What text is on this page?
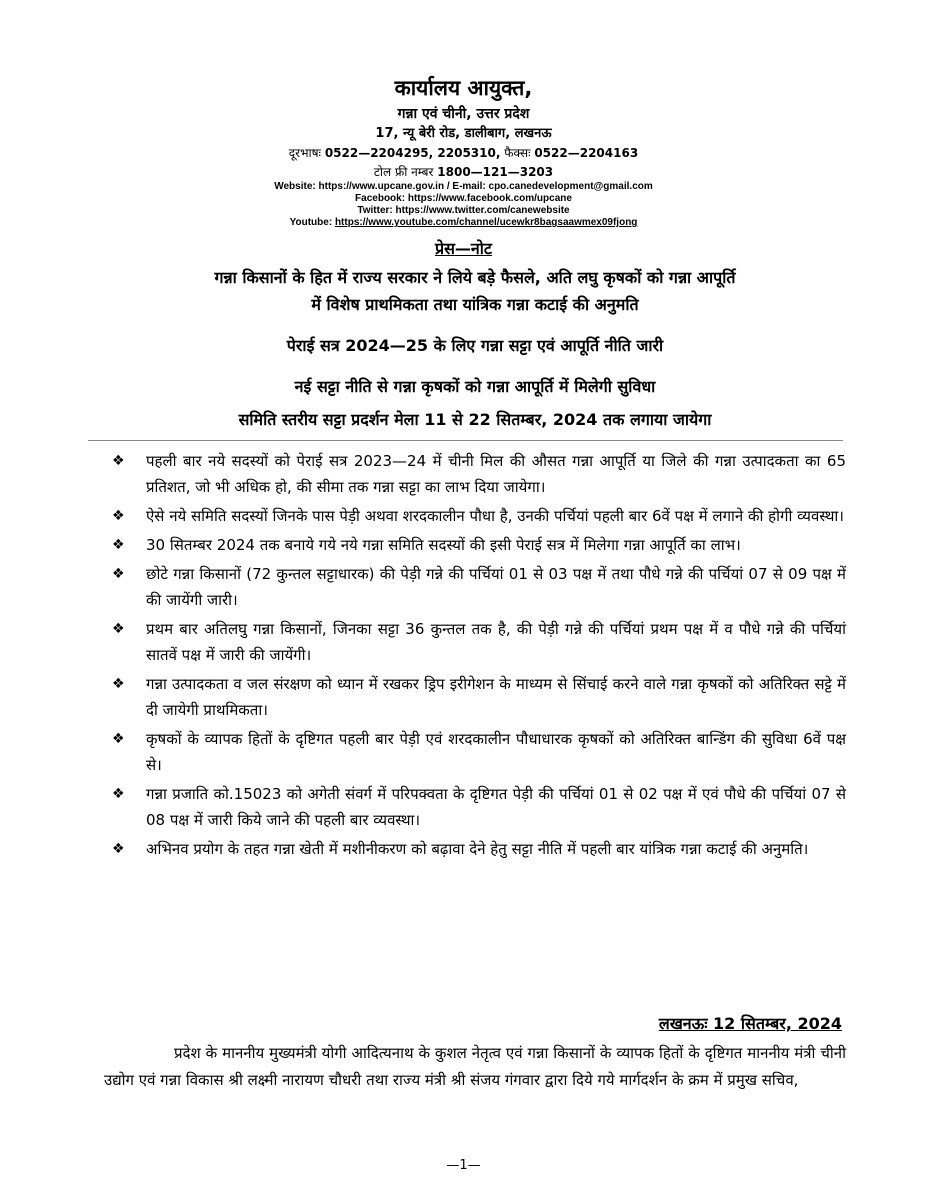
कार्यालय आयुक्त,
गन्ना एवं चीनी, उत्तर प्रदेश
17, न्यू बेरी रोड, डालीबाग, लखनऊ
दूरभाषः 0522—2204295, 2205310, फैक्सः 0522—2204163
टोल फ्री नम्बर 1800—121—3203
Website: https://www.upcane.gov.in / E-mail: cpo.canedevelopment@gmail.com
Facebook: https://www.facebook.com/upcane
Twitter: https://www.twitter.com/canewebsite
Youtube: https://www.youtube.com/channel/ucewkr8bagsaawmex09fjong
प्रेस—नोट
गन्ना किसानों के हित में राज्य सरकार ने लिये बड़े फैसले, अति लघु कृषकों को गन्ना आपूर्ति
में विशेष प्राथमिकता तथा यांत्रिक गन्ना कटाई की अनुमति
पेराई सत्र 2024—25 के लिए गन्ना सट्टा एवं आपूर्ति नीति जारी
नई सट्टा नीति से गन्ना कृषकों को गन्ना आपूर्ति में मिलेगी सुविधा
समिति स्तरीय सट्टा प्रदर्शन मेला 11 से 22 सितम्बर, 2024 तक लगाया जायेगा
❖ पहली बार नये सदस्यों को पेराई सत्र 2023—24 में चीनी मिल की औसत गन्ना आपूर्ति या जिले की गन्ना उत्पादकता का 65 प्रतिशत, जो भी अधिक हो, की सीमा तक गन्ना सट्टा का लाभ दिया जायेगा।
❖ ऐसे नये समिति सदस्यों जिनके पास पेड़ी अथवा शरदकालीन पौधा है, उनकी पर्चियां पहली बार 6वें पक्ष में लगाने की होगी व्यवस्था।
❖ 30 सितम्बर 2024 तक बनाये गये नये गन्ना समिति सदस्यों की इसी पेराई सत्र में मिलेगा गन्ना आपूर्ति का लाभ।
❖ छोटे गन्ना किसानों (72 कुन्तल सट्टाधारक) की पेड़ी गन्ने की पर्चियां 01 से 03 पक्ष में तथा पौधे गन्ने की पर्चियां 07 से 09 पक्ष में की जायेंगी जारी।
❖ प्रथम बार अतिलघु गन्ना किसानों, जिनका सट्टा 36 कुन्तल तक है, की पेड़ी गन्ने की पर्चियां प्रथम पक्ष में व पौधे गन्ने की पर्चियां सातवें पक्ष में जारी की जायेंगी।
❖ गन्ना उत्पादकता व जल संरक्षण को ध्यान में रखकर ड्रिप इरीगेशन के माध्यम से सिंचाई करने वाले गन्ना कृषकों को अतिरिक्त सट्टे में दी जायेगी प्राथमिकता।
❖ कृषकों के व्यापक हितों के दृष्टिगत पहली बार पेड़ी एवं शरदकालीन पौधाधारक कृषकों को अतिरिक्त बान्डिंग की सुविधा 6वें पक्ष से।
❖ गन्ना प्रजाति को.15023 को अगेती संवर्ग में परिपक्वता के दृष्टिगत पेड़ी की पर्चियां 01 से 02 पक्ष में एवं पौधे की पर्चियां 07 से 08 पक्ष में जारी किये जाने की पहली बार व्यवस्था।
❖ अभिनव प्रयोग के तहत गन्ना खेती में मशीनीकरण को बढ़ावा देने हेतु सट्टा नीति में पहली बार यांत्रिक गन्ना कटाई की अनुमति।
लखनऊः 12 सितम्बर, 2024
प्रदेश के माननीय मुख्यमंत्री योगी आदित्यनाथ के कुशल नेतृत्व एवं गन्ना किसानों के व्यापक हितों के दृष्टिगत माननीय मंत्री चीनी उद्योग एवं गन्ना विकास श्री लक्ष्मी नारायण चौधरी तथा राज्य मंत्री श्री संजय गंगवार द्वारा दिये गये मार्गदर्शन के क्रम में प्रमुख सचिव,
—1—
